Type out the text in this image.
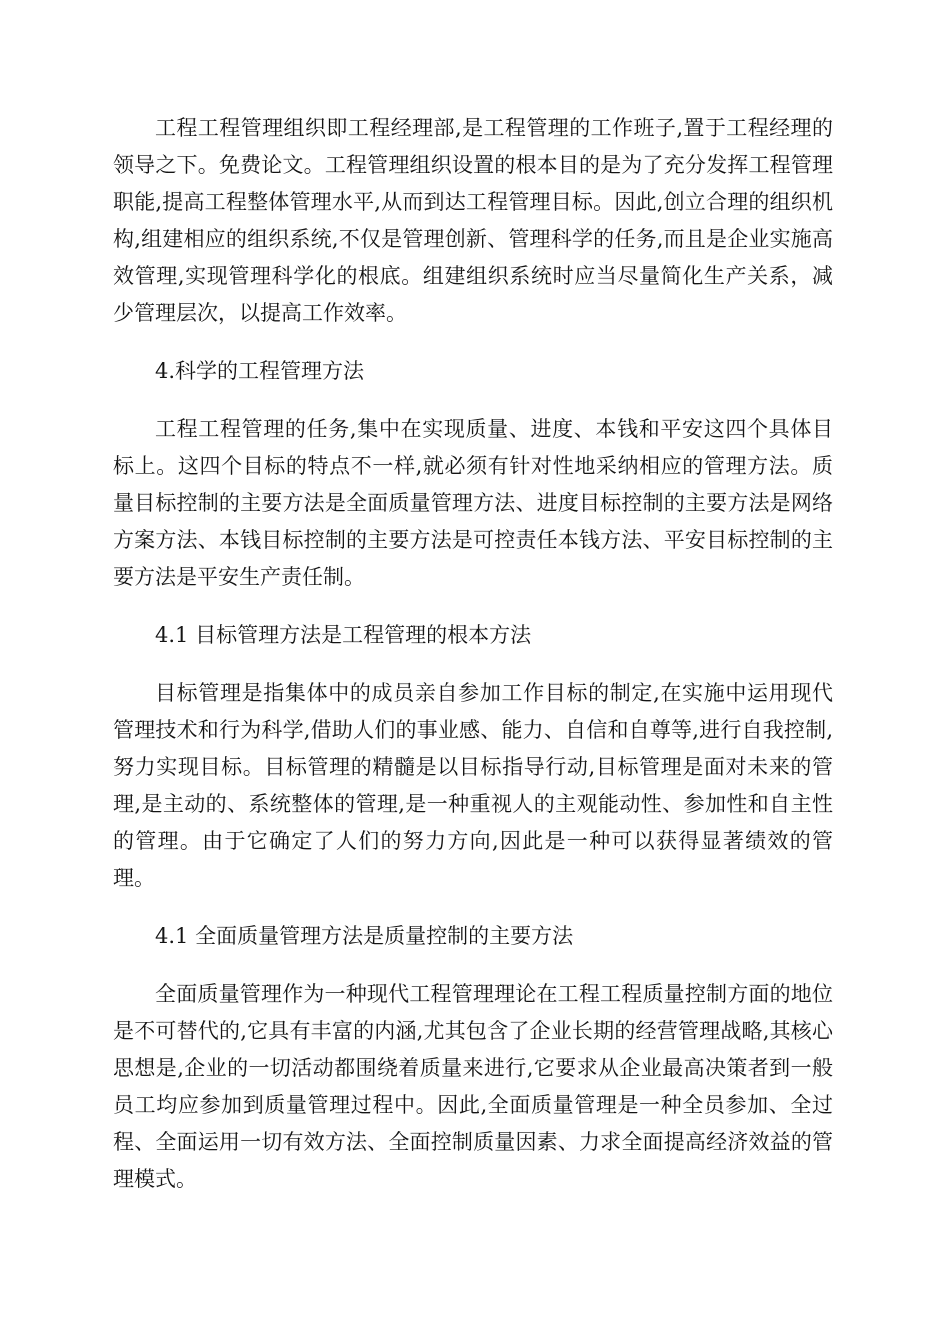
工程工程管理组织即工程经理部,是工程管理的工作班子,置于工程经理的领导之下。免费论文。工程管理组织设置的根本目的是为了充分发挥工程管理职能,提高工程整体管理水平,从而到达工程管理目标。因此,创立合理的组织机构,组建相应的组织系统,不仅是管理创新、管理科学的任务,而且是企业实施高效管理,实现管理科学化的根底。组建组织系统时应当尽量简化生产关系，减少管理层次，以提高工作效率。

4.科学的工程管理方法

工程工程管理的任务,集中在实现质量、进度、本钱和平安这四个具体目标上。这四个目标的特点不一样,就必须有针对性地采纳相应的管理方法。质量目标控制的主要方法是全面质量管理方法、进度目标控制的主要方法是网络方案方法、本钱目标控制的主要方法是可控责任本钱方法、平安目标控制的主要方法是平安生产责任制。

4.1 目标管理方法是工程管理的根本方法

目标管理是指集体中的成员亲自参加工作目标的制定,在实施中运用现代管理技术和行为科学,借助人们的事业感、能力、自信和自尊等,进行自我控制,努力实现目标。目标管理的精髓是以目标指导行动,目标管理是面对未来的管理,是主动的、系统整体的管理,是一种重视人的主观能动性、参加性和自主性的管理。由于它确定了人们的努力方向,因此是一种可以获得显著绩效的管理。

4.1 全面质量管理方法是质量控制的主要方法

全面质量管理作为一种现代工程管理理论在工程工程质量控制方面的地位是不可替代的,它具有丰富的内涵,尤其包含了企业长期的经营管理战略,其核心思想是,企业的一切活动都围绕着质量来进行,它要求从企业最高决策者到一般员工均应参加到质量管理过程中。因此,全面质量管理是一种全员参加、全过程、全面运用一切有效方法、全面控制质量因素、力求全面提高经济效益的管理模式。
